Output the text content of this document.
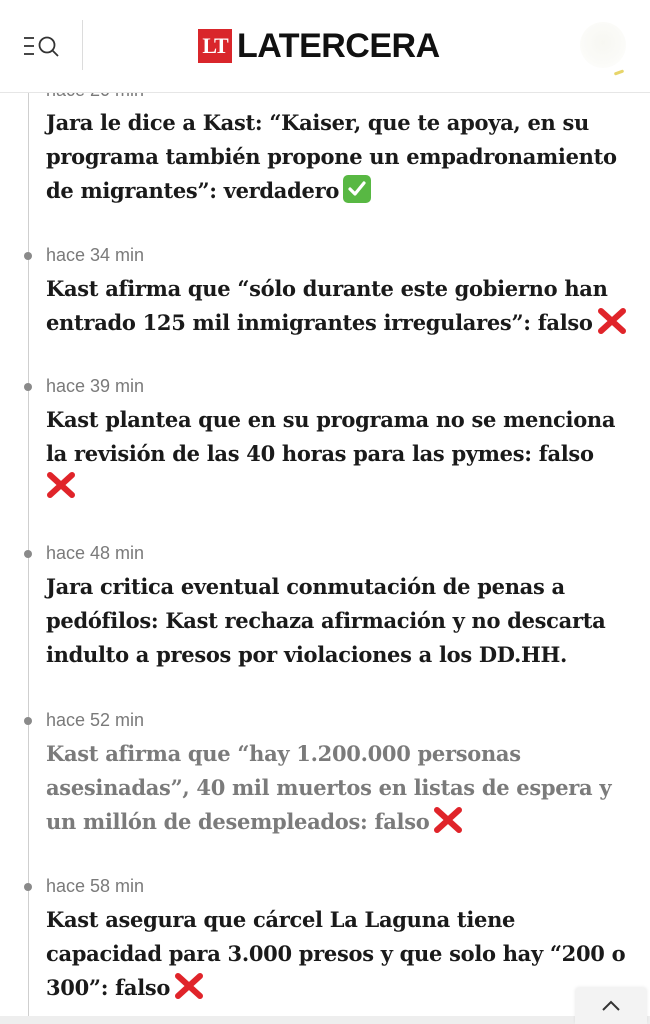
LT LATERCERA
Jara le dice a Kast: “Kaiser, que te apoya, en su programa también propone un empadronamiento de migrantes”: verdadero
hace 34 min
Kast afirma que “sólo durante este gobierno han entrado 125 mil inmigrantes irregulares”: falso
hace 39 min
Kast plantea que en su programa no se menciona la revisión de las 40 horas para las pymes: falso
hace 48 min
Jara critica eventual conmutación de penas a pedófilos: Kast rechaza afirmación y no descarta indulto a presos por violaciones a los DD.HH.
hace 52 min
Kast afirma que “hay 1.200.000 personas asesinadas”, 40 mil muertos en listas de espera y un millón de desempleados: falso
hace 58 min
Kast asegura que cárcel La Laguna tiene capacidad para 3.000 presos y que solo hay “200 o 300”: falso
